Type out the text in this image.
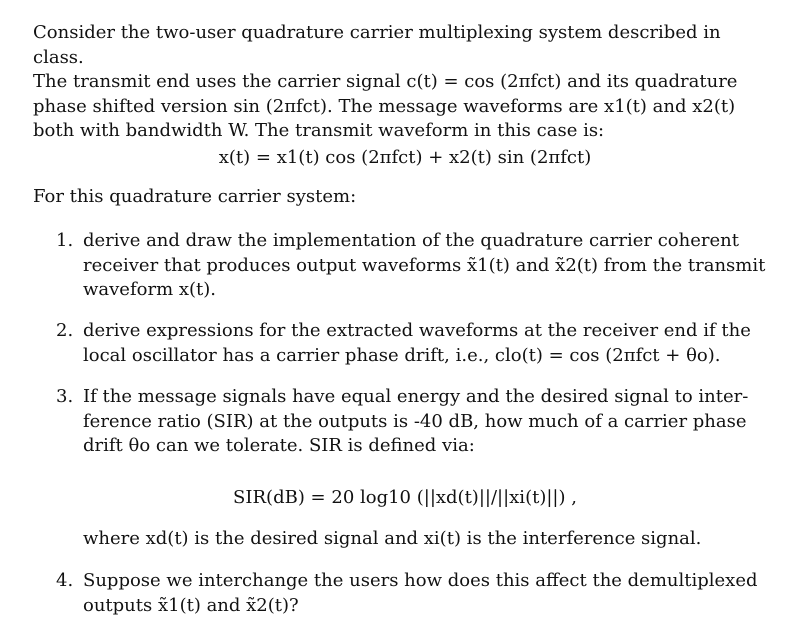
Consider the two-user quadrature carrier multiplexing system described in class.
The transmit end uses the carrier signal c(t) = cos (2πfct) and its quadrature
phase shifted version sin (2πfct). The message waveforms are x1(t) and x2(t)
both with bandwidth W. The transmit waveform in this case is:
x(t) = x1(t) cos (2πfct) + x2(t) sin (2πfct)
For this quadrature carrier system:
1. derive and draw the implementation of the quadrature carrier coherent
receiver that produces output waveforms x̃1(t) and x̃2(t) from the transmit
waveform x(t).
2. derive expressions for the extracted waveforms at the receiver end if the
local oscillator has a carrier phase drift, i.e., clo(t) = cos (2πfct + θo).
3. If the message signals have equal energy and the desired signal to inter-
ference ratio (SIR) at the outputs is -40 dB, how much of a carrier phase
drift θo can we tolerate. SIR is defined via:
SIR(dB) = 20 log10 (||xd(t)||/||xi(t)||) ,
where xd(t) is the desired signal and xi(t) is the interference signal.
4. Suppose we interchange the users how does this affect the demultiplexed
outputs x̃1(t) and x̃2(t)?
